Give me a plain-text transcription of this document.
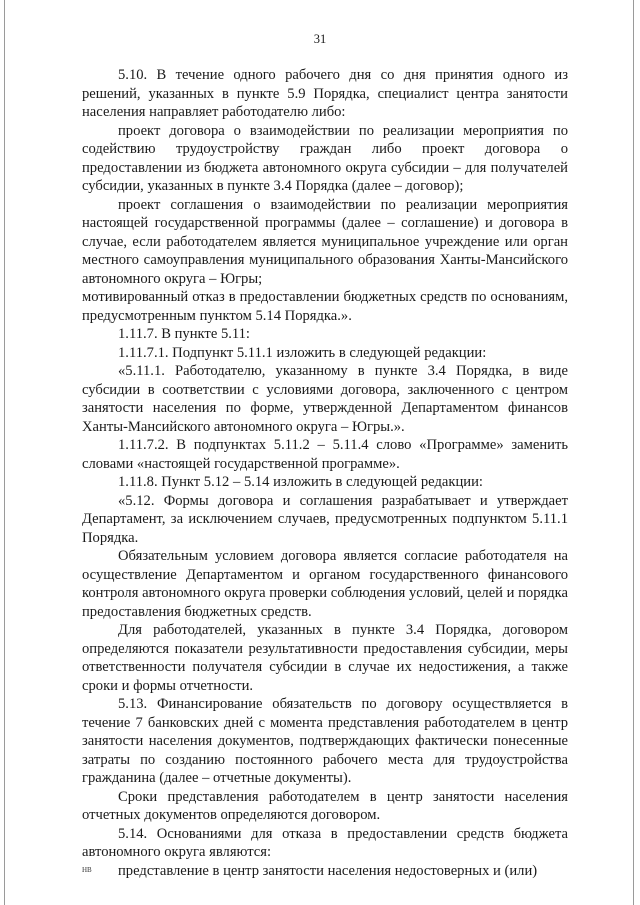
31

5.10. В течение одного рабочего дня со дня принятия одного из решений, указанных в пункте 5.9 Порядка, специалист центра занятости населения направляет работодателю либо:

проект договора о взаимодействии по реализации мероприятия по содействию трудоустройству граждан либо проект договора о предоставлении из бюджета автономного округа субсидии – для получателей субсидии, указанных в пункте 3.4 Порядка (далее – договор);

проект соглашения о взаимодействии по реализации мероприятия настоящей государственной программы (далее – соглашение) и договора в случае, если работодателем является муниципальное учреждение или орган местного самоуправления муниципального образования Ханты-Мансийского автономного округа – Югры;

мотивированный отказ в предоставлении бюджетных средств по основаниям, предусмотренным пунктом 5.14 Порядка.».

1.11.7. В пункте 5.11:

1.11.7.1. Подпункт 5.11.1 изложить в следующей редакции:

«5.11.1. Работодателю, указанному в пункте 3.4 Порядка, в виде субсидии в соответствии с условиями договора, заключенного с центром занятости населения по форме, утвержденной Департаментом финансов Ханты-Мансийского автономного округа – Югры.».

1.11.7.2. В подпунктах 5.11.2 – 5.11.4 слово «Программе» заменить словами «настоящей государственной программе».

1.11.8. Пункт 5.12 – 5.14 изложить в следующей редакции:

«5.12. Формы договора и соглашения разрабатывает и утверждает Департамент, за исключением случаев, предусмотренных подпунктом 5.11.1 Порядка.

Обязательным условием договора является согласие работодателя на осуществление Департаментом и органом государственного финансового контроля автономного округа проверки соблюдения условий, целей и порядка предоставления бюджетных средств.

Для работодателей, указанных в пункте 3.4 Порядка, договором определяются показатели результативности предоставления субсидии, меры ответственности получателя субсидии в случае их недостижения, а также сроки и формы отчетности.

5.13. Финансирование обязательств по договору осуществляется в течение 7 банковских дней с момента представления работодателем в центр занятости населения документов, подтверждающих фактически понесенные затраты по созданию постоянного рабочего места для трудоустройства гражданина (далее – отчетные документы).

Сроки представления работодателем в центр занятости населения отчетных документов определяются договором.

5.14. Основаниями для отказа в предоставлении средств бюджета автономного округа являются:

представление в центр занятости населения недостоверных и (или)

НВ
